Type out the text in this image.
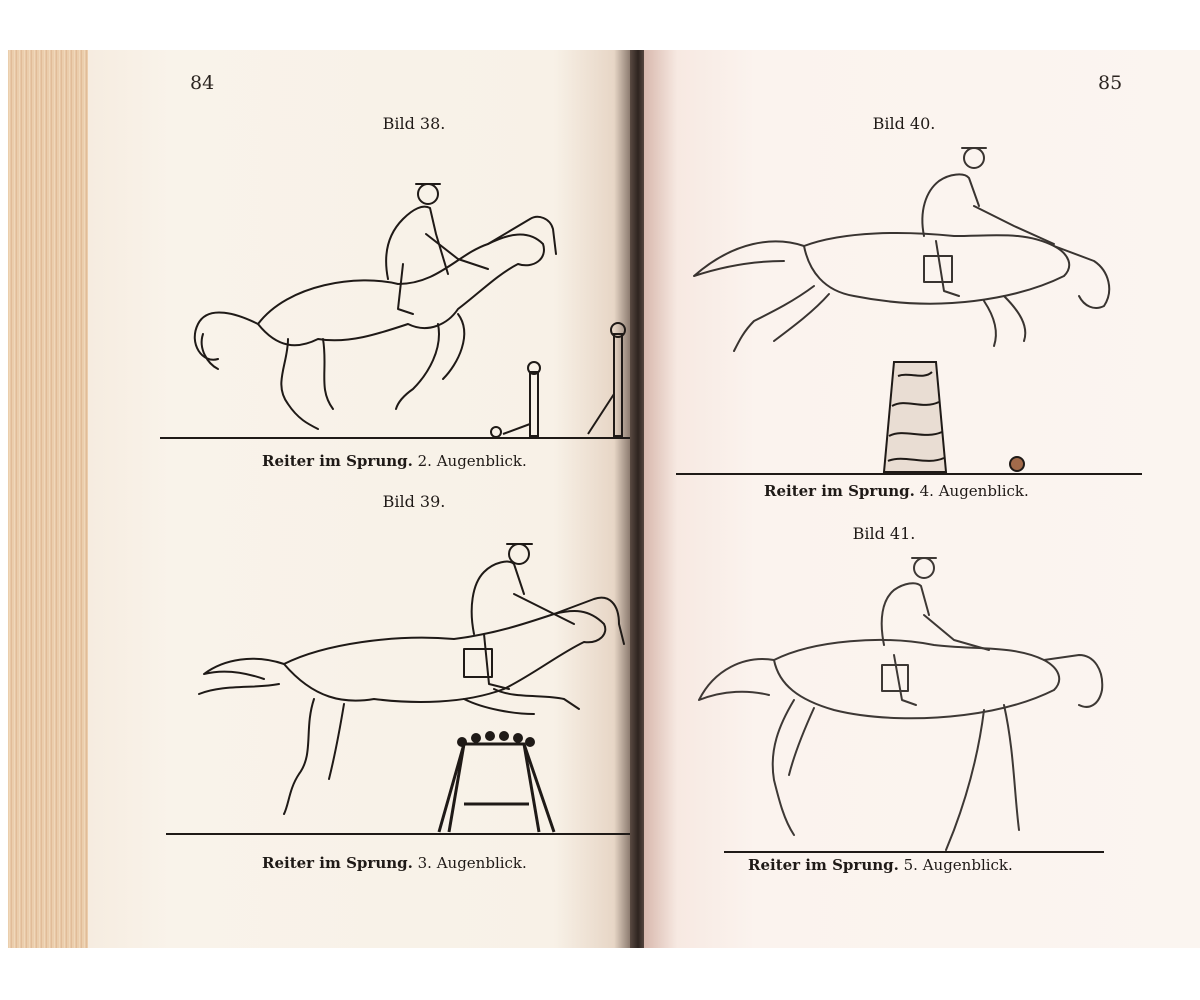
84
Bild 38.
Reiter im Sprung. 2. Augenblick.
Bild 39.
Reiter im Sprung. 3. Augenblick.
85
Bild 40.
Reiter im Sprung. 4. Augenblick.
Bild 41.
Reiter im Sprung. 5. Augenblick.
